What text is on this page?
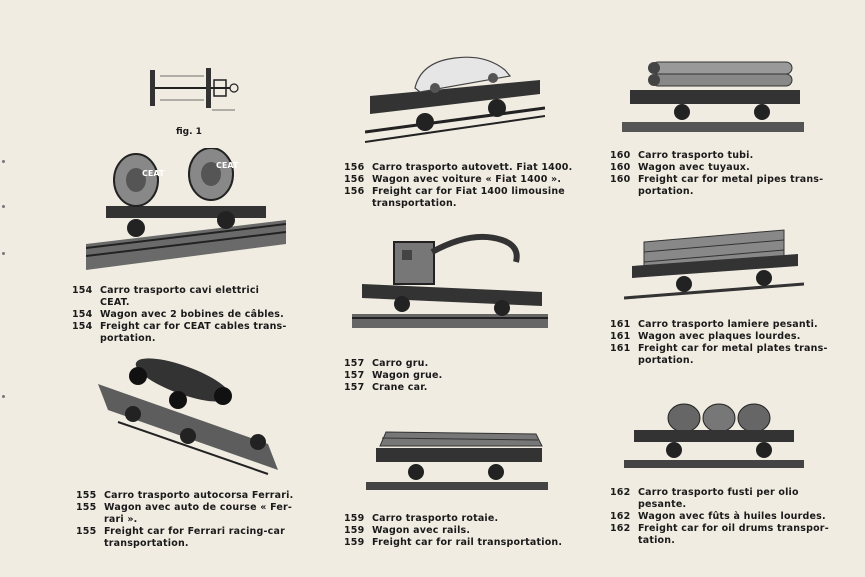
fig. 1
CEAT
CEAT
154 Carro trasporto cavi elettrici CEAT.
154 Wagon avec 2 bobines de câbles.
154 Freight car for CEAT cables trans-
portation.
155 Carro trasporto autocorsa Ferrari.
155 Wagon avec auto de course « Fer-
rari ».
155 Freight car for Ferrari racing-car
transportation.
156 Carro trasporto autovett. Fiat 1400.
156 Wagon avec voiture « Fiat 1400 ».
156 Freight car for Fiat 1400 limousine
transportation.
157 Carro gru.
157 Wagon grue.
157 Crane car.
159 Carro trasporto rotaie.
159 Wagon avec rails.
159 Freight car for rail transportation.
160 Carro trasporto tubi.
160 Wagon avec tuyaux.
160 Freight car for metal pipes trans-
portation.
161 Carro trasporto lamiere pesanti.
161 Wagon avec plaques lourdes.
161 Freight car for metal plates trans-
portation.
162 Carro trasporto fusti per olio
pesante.
162 Wagon avec fûts à huiles lourdes.
162 Freight car for oil drums transpor-
tation.
